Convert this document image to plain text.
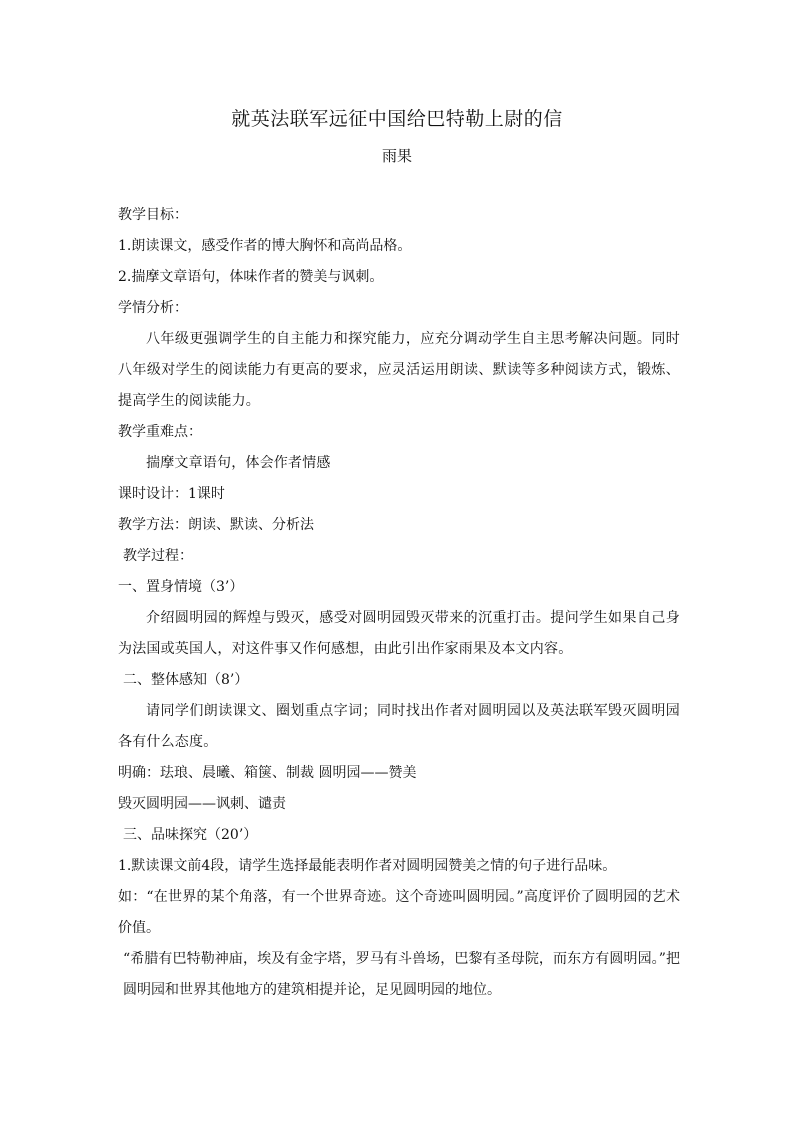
就英法联军远征中国给巴特勒上尉的信
雨果

教学目标：

1.朗读课文，感受作者的博大胸怀和高尚品格。

2.揣摩文章语句，体味作者的赞美与讽刺。

学情分析：

八年级更强调学生的自主能力和探究能力，应充分调动学生自主思考解决问题。同时八年级对学生的阅读能力有更高的要求，应灵活运用朗读、默读等多种阅读方式，锻炼、提高学生的阅读能力。

教学重难点：

揣摩文章语句，体会作者情感

课时设计：1课时

教学方法：朗读、默读、分析法

教学过程：

一、置身情境（3’）

介绍圆明园的辉煌与毁灭，感受对圆明园毁灭带来的沉重打击。提问学生如果自己身为法国或英国人，对这件事又作何感想，由此引出作家雨果及本文内容。

二、整体感知（8’）

请同学们朗读课文、圈划重点字词；同时找出作者对圆明园以及英法联军毁灭圆明园各有什么态度。

明确：珐琅、晨曦、箱箧、制裁 圆明园——赞美

毁灭圆明园——讽刺、谴责

三、品味探究（20’）

1.默读课文前4段，请学生选择最能表明作者对圆明园赞美之情的句子进行品味。

如：“在世界的某个角落，有一个世界奇迹。这个奇迹叫圆明园。”高度评价了圆明园的艺术价值。

“希腊有巴特勒神庙，埃及有金字塔，罗马有斗兽场，巴黎有圣母院，而东方有圆明园。”把圆明园和世界其他地方的建筑相提并论，足见圆明园的地位。
